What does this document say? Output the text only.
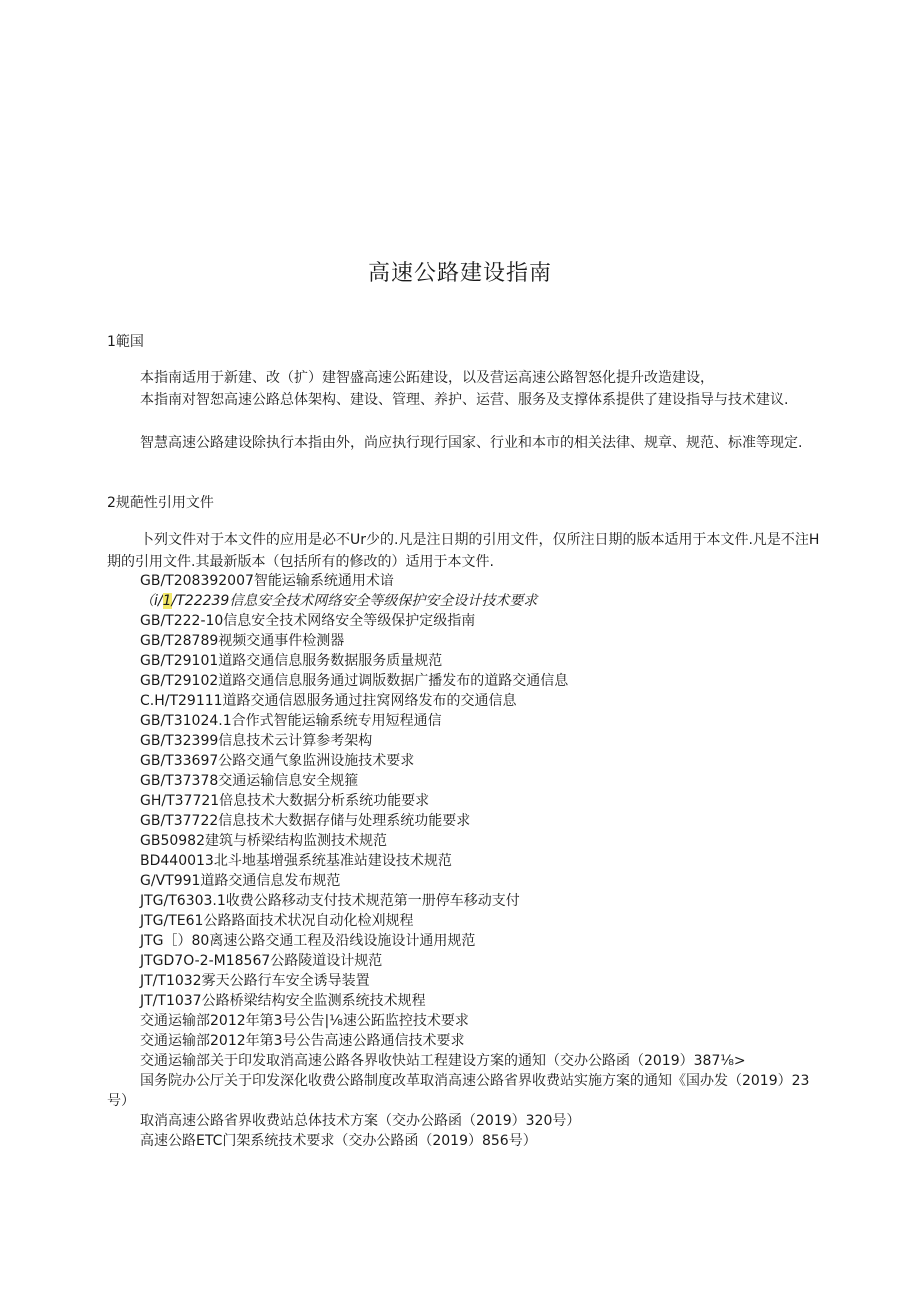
高速公路建设指南
1範国

本指南适用于新建、改（扩）建智盛高速公跖建设，以及营运高速公路智怒化提升改造建设，

本指南对智恕高速公路总体架构、建设、管理、养护、运营、服务及支撑体系提供了建设指导与技术建议.

智慧高速公路建设除执行本指由外，尚应执行现行国家、行业和本市的相关法律、规章、规范、标准等现定.

2规葩性引用文件

卜列文件对于本文件的应用是必不Ur少的.凡是注日期的引用文件，仅所注日期的版本适用于本文件.凡是不注H期的引用文件.其最新版本（包括所有的修改的）适用于本文件.

GB/T208392007智能运输系统通用术谙
（i/1/T22239信息安全技术网络安全等级保护安全设计技术要求
GB/T222-10信息安全技术网络安全等级保护定级指南
GB/T28789视频交通事件检测器
GB/T29101道路交通信息服务数据服务质量规范
GB/T29102道路交通信息服务通过调版数据广播发布的道路交通信息
C.H/T29111道路交通信恩服务通过拄窝网络发布的交通信息
GB/T31024.1合作式智能运输系统专用短程通信
GB/T32399信息技术云计算参考架构
GB/T33697公路交通气象监洲设施技术要求
GB/T37378交通运输信息安全规箍
GH/T37721倍息技术大数据分析系统功能要求
GB/T37722信息技术大数据存储与处理系统功能要求
GB50982建筑与桥梁结构监测技术规范
BD440013北斗地基增强系统基准站建设技术规范
G/VT991道路交通信息发布规范
JTG/T6303.1收费公路移动支付技术规范第一册停车移动支付
JTG/TE61公路路面技术状况自动化检刈规程
JTG［）80离速公路交通工程及沿线设施设计通用规范
JTGD7O-2-M18567公路陵道设计规范
JT/T1032雾天公路行车安全诱导装置
JT/T1037公路桥梁结构安全监测系统技术规程
交通运输部2012年第3号公告|⅛速公跖监控技术要求
交通运输部2012年第3号公告高速公路通信技术要求
交通运输部关于印发取消高速公路各界收快站工程建设方案的通知（交办公路函（2019）387⅛>
国务院办公厅关于印发深化收费公路制度改革取消高速公路省界收费站实施方案的通知《国办发（2019）23号）
取消高速公路省界收费站总体技术方案（交办公路函（2019）320号）
高速公路ETC门架系统技术要求（交办公路函（2019）856号）
